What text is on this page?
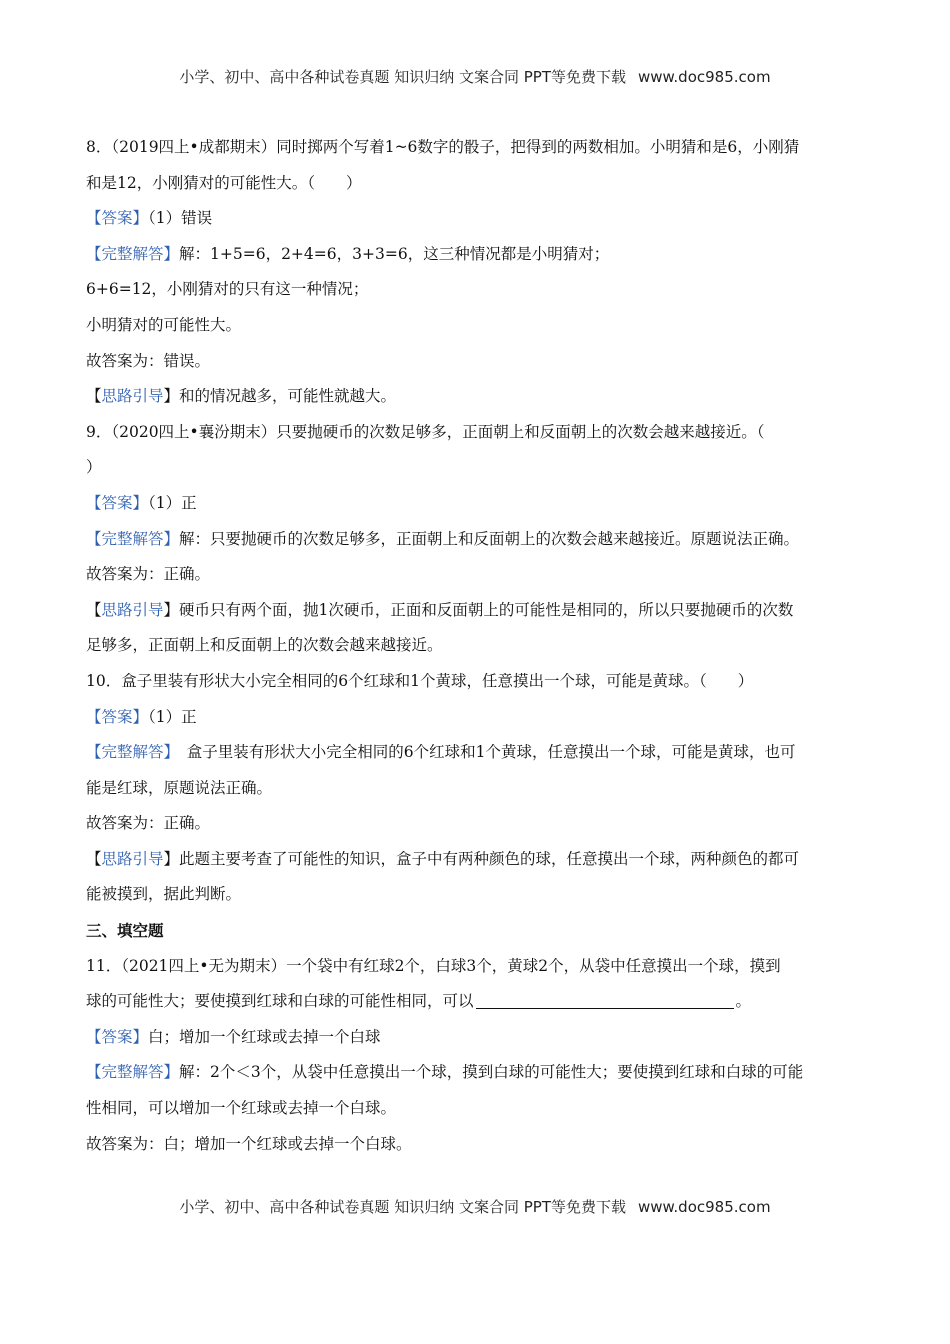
小学、初中、高中各种试卷真题 知识归纳 文案合同 PPT等免费下载 www.doc985.com
8．（2019四上•成都期末）同时掷两个写着1~6数字的骰子，把得到的两数相加。小明猜和是6，小刚猜
和是12，小刚猜对的可能性大。（　　）
【答案】（1）错误
【完整解答】解：1+5=6，2+4=6，3+3=6，这三种情况都是小明猜对；
6+6=12，小刚猜对的只有这一种情况；
小明猜对的可能性大。
故答案为：错误。
【思路引导】和的情况越多，可能性就越大。
9．（2020四上•襄汾期末）只要抛硬币的次数足够多，正面朝上和反面朝上的次数会越来越接近。（
）
【答案】（1）正
【完整解答】解：只要抛硬币的次数足够多，正面朝上和反面朝上的次数会越来越接近。原题说法正确。
故答案为：正确。
【思路引导】硬币只有两个面，抛1次硬币，正面和反面朝上的可能性是相同的，所以只要抛硬币的次数
足够多，正面朝上和反面朝上的次数会越来越接近。
10．盒子里装有形状大小完全相同的6个红球和1个黄球，任意摸出一个球，可能是黄球。（　　）
【答案】（1）正
【完整解答】　盒子里装有形状大小完全相同的6个红球和1个黄球，任意摸出一个球，可能是黄球，也可
能是红球，原题说法正确。
故答案为：正确。
【思路引导】此题主要考查了可能性的知识，盒子中有两种颜色的球，任意摸出一个球，两种颜色的都可
能被摸到，据此判断。
三、填空题
11．（2021四上•无为期末）一个袋中有红球2个，白球3个，黄球2个，从袋中任意摸出一个球，摸到
球的可能性大；要使摸到红球和白球的可能性相同，可以	。
【答案】白；增加一个红球或去掉一个白球
【完整解答】解：2个＜3个，从袋中任意摸出一个球，摸到白球的可能性大；要使摸到红球和白球的可能
性相同，可以增加一个红球或去掉一个白球。
故答案为：白；增加一个红球或去掉一个白球。
小学、初中、高中各种试卷真题 知识归纳 文案合同 PPT等免费下载 www.doc985.com
